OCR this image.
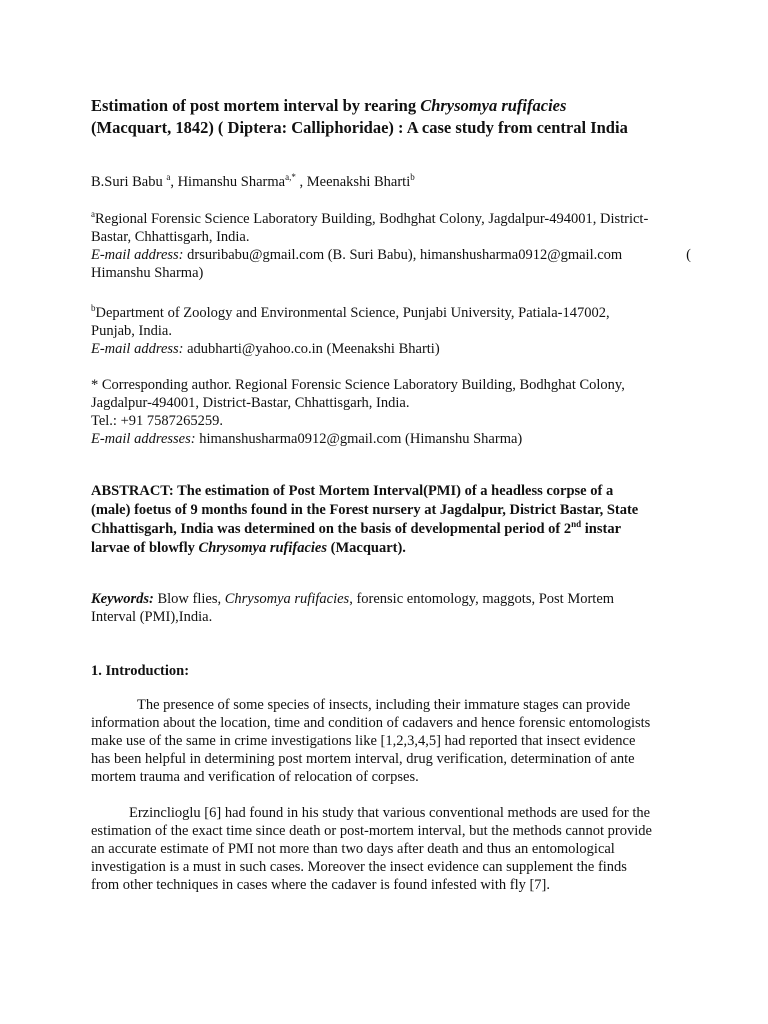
Estimation of post mortem interval by rearing Chrysomya rufifacies
(Macquart, 1842) ( Diptera: Calliphoridae) : A case study from central India
B.Suri Babu $^a$, Himanshu Sharma$^{a,*}$ , Meenakshi Bharti$^b$
$^a$Regional Forensic Science Laboratory Building, Bodhghat Colony, Jagdalpur-494001, District-
Bastar, Chhattisgarh, India.
E-mail address: drsuribabu@gmail.com (B. Suri Babu), himanshusharma0912@gmail.com	(
Himanshu Sharma)
$^b$Department of Zoology and Environmental Science, Punjabi University, Patiala-147002,
Punjab, India.
E-mail address: adubharti@yahoo.co.in (Meenakshi Bharti)
* Corresponding author. Regional Forensic Science Laboratory Building, Bodhghat Colony,
Jagdalpur-494001, District-Bastar, Chhattisgarh, India.
Tel.: +91 7587265259.
E-mail addresses: himanshusharma0912@gmail.com (Himanshu Sharma)
ABSTRACT: The estimation of Post Mortem Interval(PMI) of a headless corpse of a
(male) foetus of 9 months found in the Forest nursery at Jagdalpur, District Bastar, State
Chhattisgarh, India was determined on the basis of developmental period of 2nd instar
larvae of blowfly Chrysomya rufifacies (Macquart).
Keywords: Blow flies, Chrysomya rufifacies, forensic entomology, maggots, Post Mortem
Interval (PMI),India.
1. Introduction:
The presence of some species of insects, including their immature stages can provide
information about the location, time and condition of cadavers and hence forensic entomologists
make use of the same in crime investigations like [1,2,3,4,5] had reported that insect evidence
has been helpful in determining post mortem interval, drug verification, determination of ante
mortem trauma and verification of relocation of corpses.
Erzinclioglu [6] had found in his study that various conventional methods are used for the
estimation of the exact time since death or post-mortem interval, but the methods cannot provide
an accurate estimate of PMI not more than two days after death and thus an entomological
investigation is a must in such cases. Moreover the insect evidence can supplement the finds
from other techniques in cases where the cadaver is found infested with fly [7].
